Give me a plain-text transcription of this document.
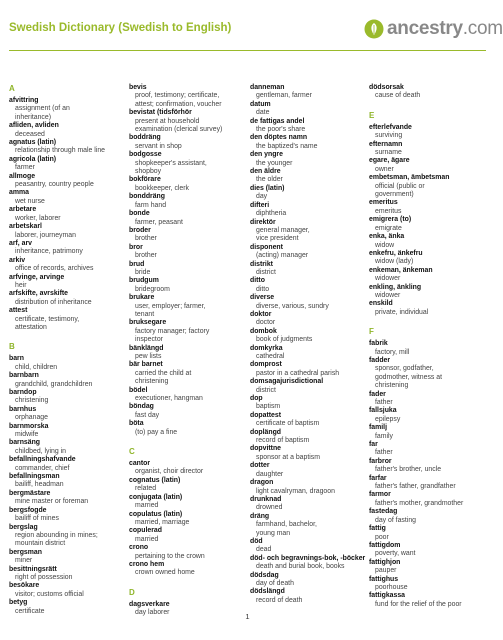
Swedish Dictionary (Swedish to English)	ancestry.com
A
afvittring
assignment (of an
inheritance)
afliden, avliden
deceased
agnatus (latin)
relationship through male line
agricola (latin)
farmer
allmoge
peasantry, country people
amma
wet nurse
arbetare
worker, laborer
arbetskarl
laborer, journeyman
arf, arv
inheritance, patrimony
arkiv
office of records, archives
arfvinge, arvinge
heir
arfskifte, avrskifte
distribution of inheritance
attest
certificate, testimony,
attestation
B
barn
child, children
barnbarn
grandchild, grandchildren
barndop
christening
barnhus
orphanage
barnmorska
midwife
barnsäng
childbed, lying in
befallningshafvande
commander, chief
befallningsman
bailiff, headman
bergmästare
mine master or foreman
bergsfogde
bailiff of mines
bergslag
region abounding in mines;
mountain district
bergsman
miner
besittningsrätt
right of possession
besökare
visitor; customs official
betyg
certificate
bevis
proof, testimony; certificate,
attest; confirmation, voucher
bevistat (tidsförhör
present at household
examination (clerical survey)
boddräng
servant in shop
bodgosse
shopkeeper's assistant,
shopboy
bokförare
bookkeeper, clerk
bonddräng
farm hand
bonde
farmer, peasant
broder
brother
bror
brother
brud
bride
brudgum
bridegroom
brukare
user, employer; farmer,
tenant
bruksegare
factory manager; factory
inspector
bänklängd
pew lists
bär barnet
carried the child at
christening
bödel
executioner, hangman
böndag
fast day
böta
(to) pay a fine
C
cantor
organist, choir director
cognatus (latin)
related
conjugata (latin)
married
copulatus (latin)
married, marriage
copulerad
married
crono
pertaining to the crown
crono hem
crown owned home
D
dagsverkare
day laborer
danneman
gentleman, farmer
datum
date
de fattigas andel
the poor's share
den döptes namn
the baptized's name
den yngre
the younger
den äldre
the older
dies (latin)
day
difteri
diphtheria
direktör
general manager,
vice president
disponent
(acting) manager
distrikt
district
ditto
ditto
diverse
diverse, various, sundry
doktor
doctor
dombok
book of judgments
domkyrka
cathedral
domprost
pastor in a cathedral parish
domsagajurisdictional
district
dop
baptism
dopattest
certificate of baptism
doplängd
record of baptism
dopvittne
sponsor at a baptism
dotter
daughter
dragon
light cavalryman, dragoon
drunknad
drowned
dräng
farmhand, bachelor,
young man
död
dead
död- och begravnings-bok, -böcker
death and burial book, books
dödsdag
day of death
dödslängd
record of death
dödsorsak
cause of death
E
efterlefvande
surviving
efternamn
surname
egare, ägare
owner
embetsman, ämbetsman
official (public or
government)
emeritus
emeritus
emigrera (to)
emigrate
enka, änka
widow
enkefru, änkefru
widow (lady)
enkeman, änkeman
widower
enkling, änkling
widower
enskild
private, individual
F
fabrik
factory, mill
fadder
sponsor, godfather,
godmother, witness at
christening
fader
father
fallsjuka
epilepsy
familj
family
far
father
farbror
father's brother, uncle
farfar
father's father, grandfather
farmor
father's mother, grandmother
fastedag
day of fasting
fattig
poor
fattigdom
poverty, want
fattighjon
pauper
fattighus
poorhouse
fattigkassa
fund for the relief of the poor
1
